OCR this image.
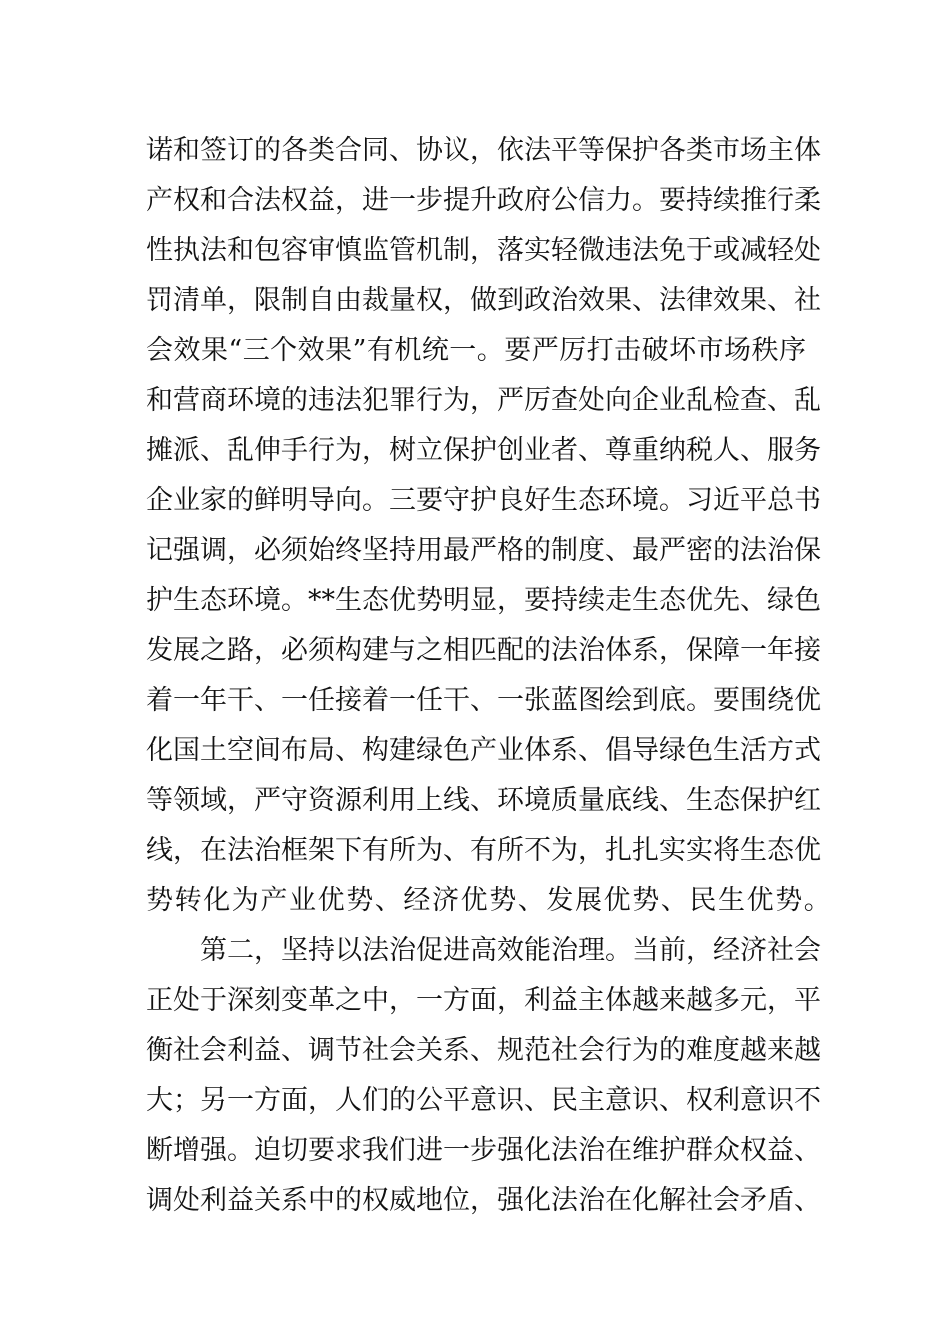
诺和签订的各类合同、协议，依法平等保护各类市场主体
产权和合法权益，进一步提升政府公信力。要持续推行柔
性执法和包容审慎监管机制，落实轻微违法免于或减轻处
罚清单，限制自由裁量权，做到政治效果、法律效果、社
会效果“三个效果”有机统一。要严厉打击破坏市场秩序
和营商环境的违法犯罪行为，严厉查处向企业乱检查、乱
摊派、乱伸手行为，树立保护创业者、尊重纳税人、服务
企业家的鲜明导向。三要守护良好生态环境。习近平总书
记强调，必须始终坚持用最严格的制度、最严密的法治保
护生态环境。**生态优势明显，要持续走生态优先、绿色
发展之路，必须构建与之相匹配的法治体系，保障一年接
着一年干、一任接着一任干、一张蓝图绘到底。要围绕优
化国土空间布局、构建绿色产业体系、倡导绿色生活方式
等领域，严守资源利用上线、环境质量底线、生态保护红
线，在法治框架下有所为、有所不为，扎扎实实将生态优
势转化为产业优势、经济优势、发展优势、民生优势。
第二，坚持以法治促进高效能治理。当前，经济社会
正处于深刻变革之中，一方面，利益主体越来越多元，平
衡社会利益、调节社会关系、规范社会行为的难度越来越
大；另一方面，人们的公平意识、民主意识、权利意识不
断增强。迫切要求我们进一步强化法治在维护群众权益、
调处利益关系中的权威地位，强化法治在化解社会矛盾、
